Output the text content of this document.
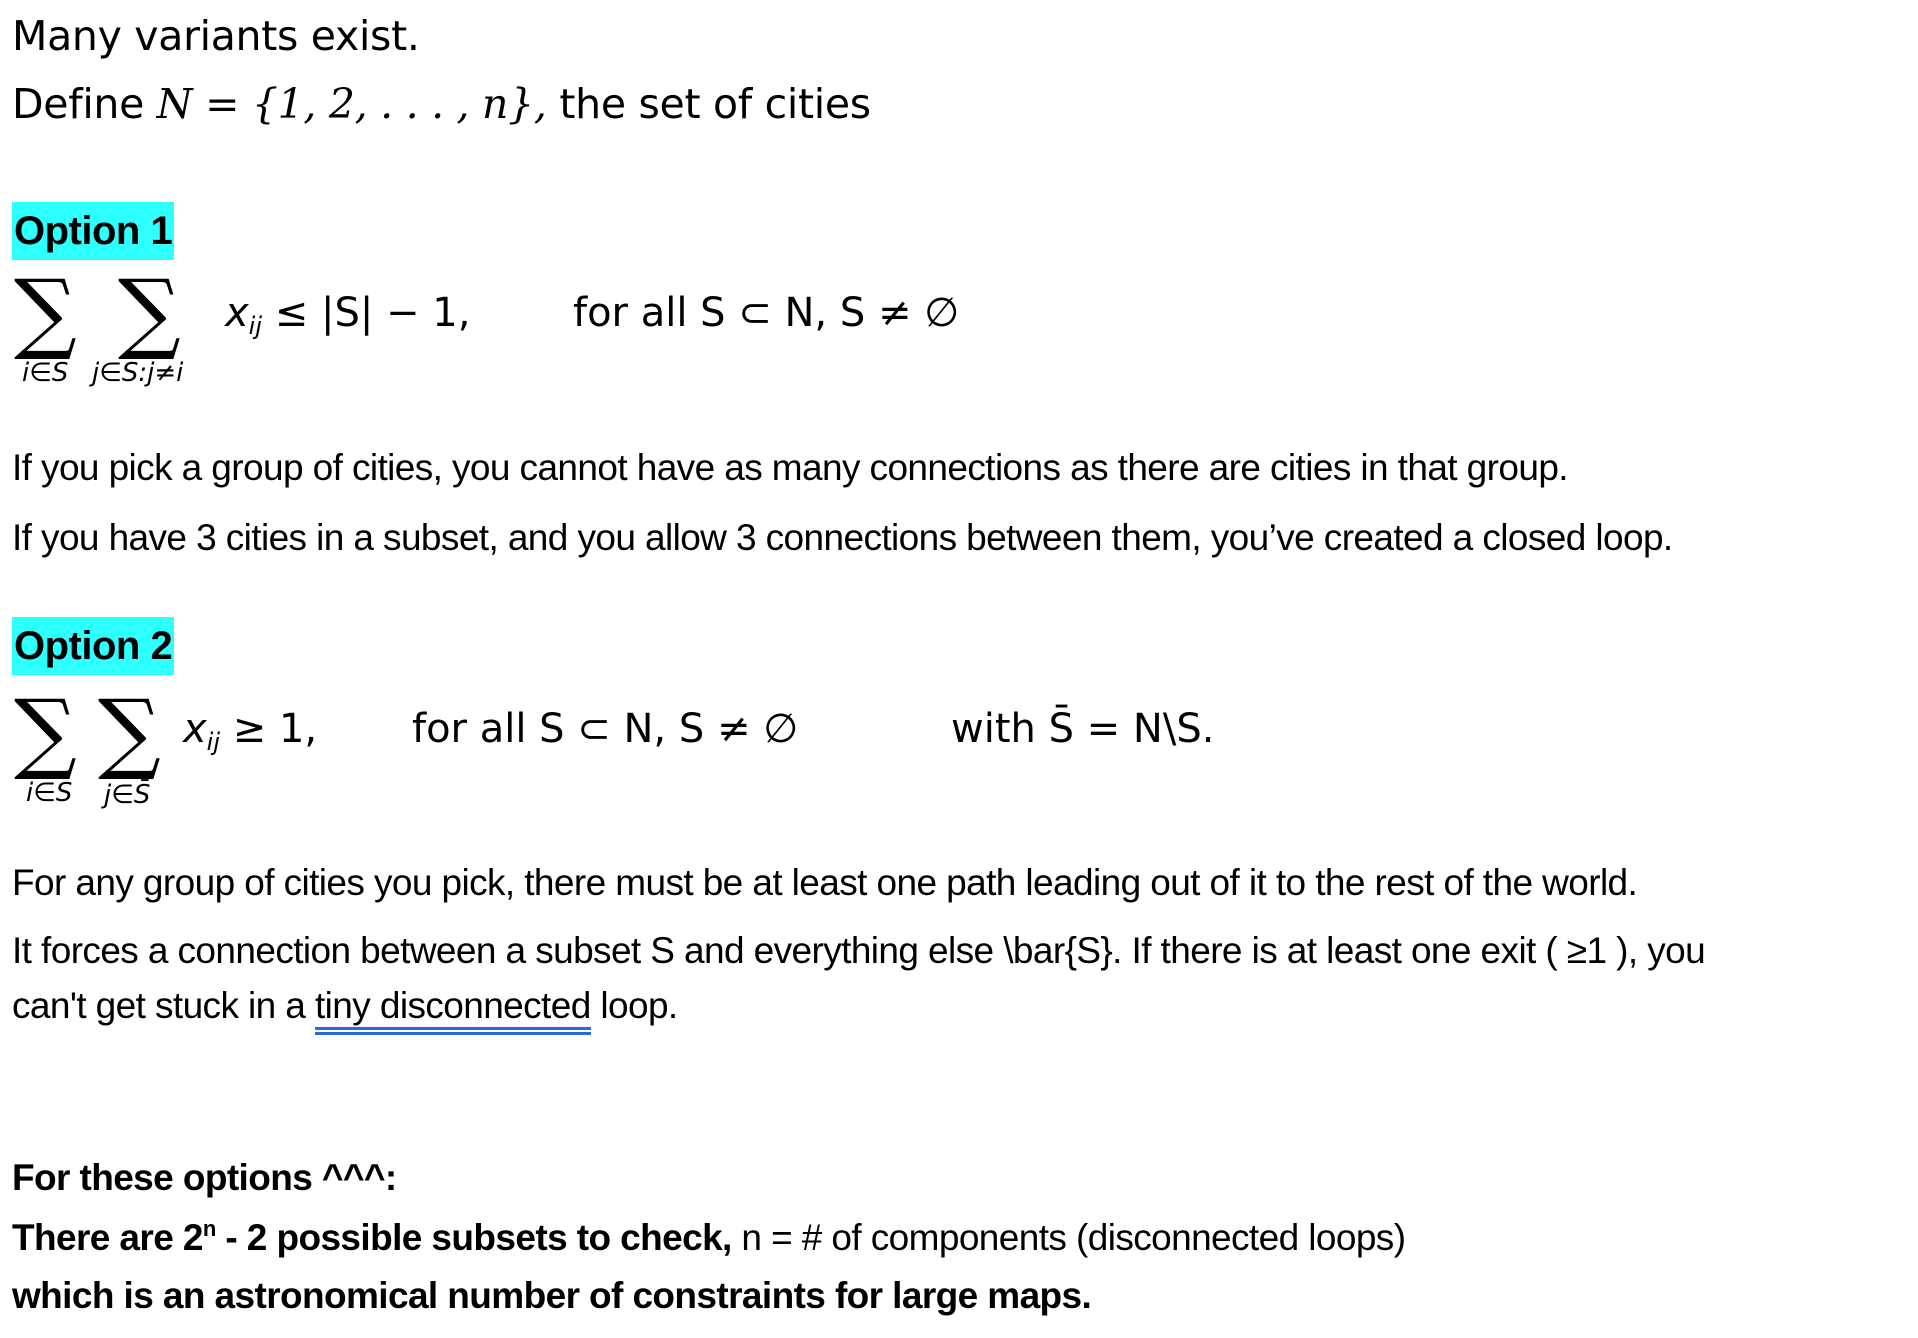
Many variants exist.
Define N = {1, 2, . . . , n}, the set of cities
Option 1
∑ ∑
i∈S j∈S:j≠i
$x_{ij} \le |S| - 1$,	for all S ⊂ N, S ≠ ∅
If you pick a group of cities, you cannot have as many connections as there are cities in that group.
If you have 3 cities in a subset, and you allow 3 connections between them, you’ve created a closed loop.
Option 2
∑ ∑
i∈S j∈S̄
$x_{ij} \ge 1$, for all S ⊂ N, S ≠ ∅	with S̄ = N\S.
For any group of cities you pick, there must be at least one path leading out of it to the rest of the world.
It forces a connection between a subset S and everything else \bar{S}. If there is at least one exit ( ≥1 ), you
can't get stuck in a tiny disconnected loop.
For these options ^^^:
There are 2$^n$ - 2 possible subsets to check, n = # of components (disconnected loops)
which is an astronomical number of constraints for large maps.
